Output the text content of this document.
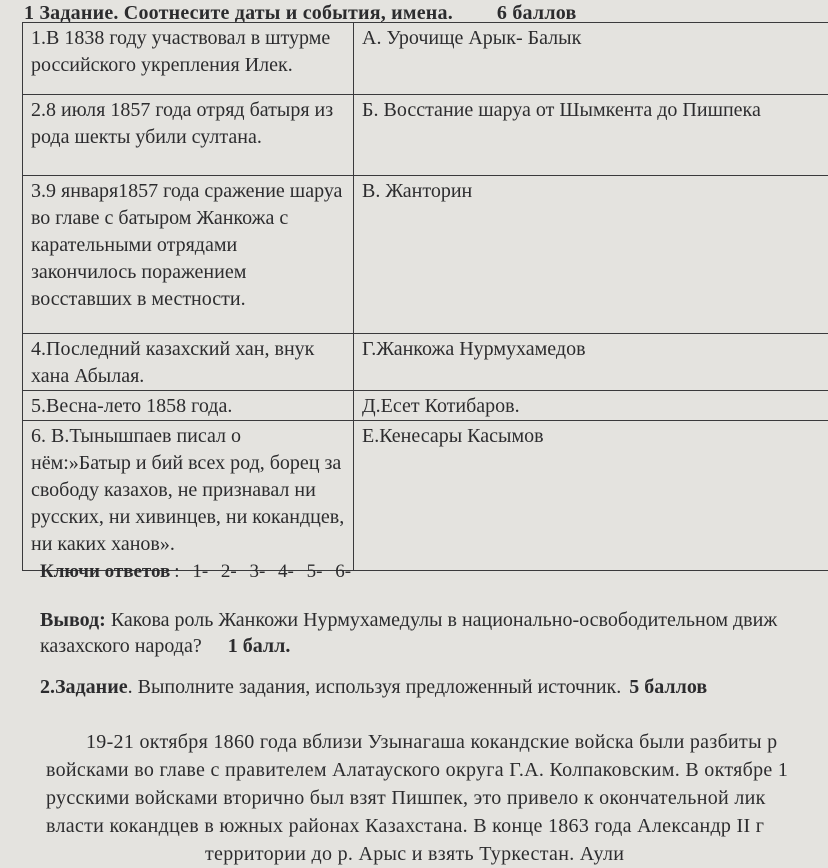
1 Задание. Соотнесите даты и события, имена. 6 баллов
1.В 1838 году участвовал в штурме российского укрепления Илек.	А. Урочище Арык- Балык
2.8 июля 1857 года отряд батыря из рода шекты убили султана.	Б. Восстание шаруа от Шымкента до Пишпека
3.9 января1857 года сражение шаруа во главе с батыром Жанкожа с карательными отрядами закончилось поражением восставших в местности.	В. Жанторин
4.Последний казахский хан, внук хана Абылая.	Г.Жанкожа Нурмухамедов
5.Весна-лето 1858 года.	Д.Есет Котибаров.
6. В.Тынышпаев писал о нём:»Батыр и бий всех род, борец за свободу казахов, не признавал ни русских, ни хивинцев, ни кокандцев, ни каких ханов».	Е.Кенесары Касымов
Ключи ответов : 1- 2- 3- 4- 5- 6-
Вывод: Какова роль Жанкожи Нурмухамедулы в национально-освободительном движ
казахского народа? 1 балл.
2.Задание. Выполните задания, используя предложенный источник. 5 баллов
19-21 октября 1860 года вблизи Узынагаша кокандские войска были разбиты р
войсками во главе с правителем Алатауского округа Г.А. Колпаковским. В октябре 1
русскими войсками вторично был взят Пишпек, это привело к окончательной лик
власти кокандцев в южных районах Казахстана. В конце 1863 года Александр II г
территории до р. Арыс и взять Туркестан. Аули
